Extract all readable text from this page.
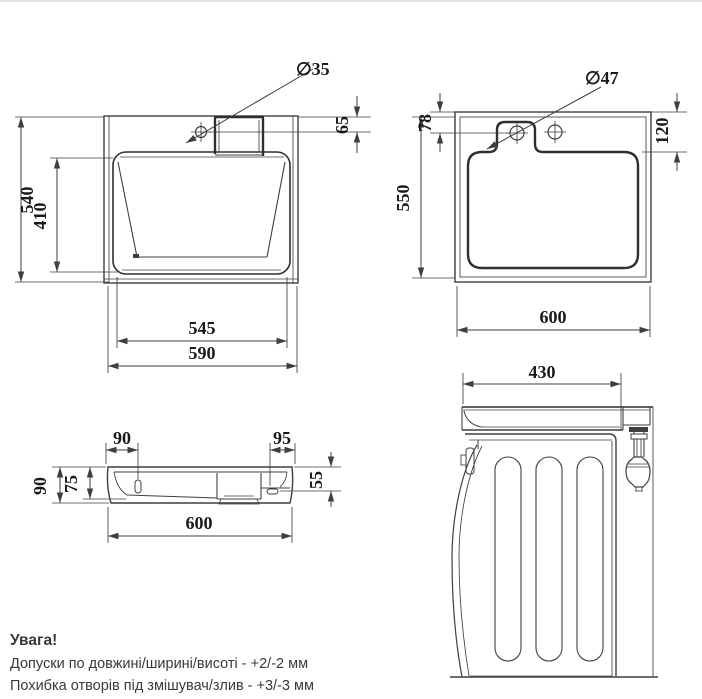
∅35
540
410
545
590
65
∅47
550
78	120
600
90	95
90 75	55
600
430
Увага!
Допуски по довжині/ширині/висоті - +2/-2 мм
Похибка отворів під змішувач/злив - +3/-3 мм
